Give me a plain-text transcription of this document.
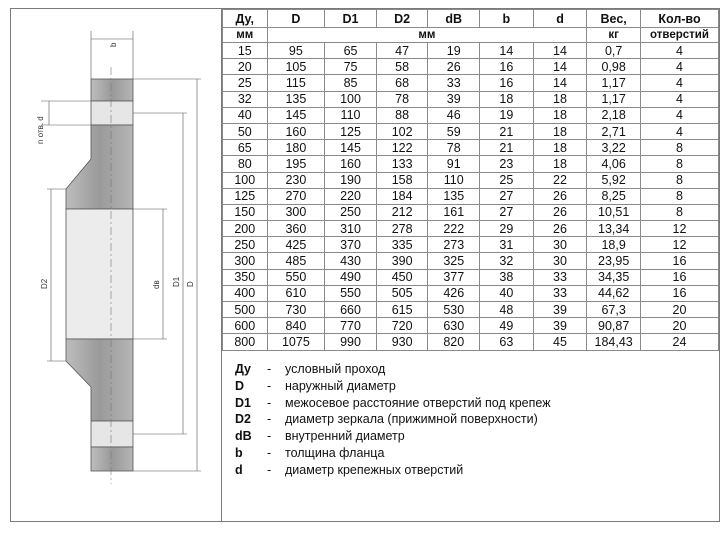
b
n отв. d
D2	dв D1 D
Ду,	D	D1	D2	dB	b	d	Вес,	Кол-во
мм	мм						кг	отверстий
15	95	65	47	19	14	14	0,7	4
20	105	75	58	26	16	14	0,98	4
25	115	85	68	33	16	14	1,17	4
32	135	100	78	39	18	18	1,17	4
40	145	110	88	46	19	18	2,18	4
50	160	125	102	59	21	18	2,71	4
65	180	145	122	78	21	18	3,22	8
80	195	160	133	91	23	18	4,06	8
100	230	190	158	110	25	22	5,92	8
125	270	220	184	135	27	26	8,25	8
150	300	250	212	161	27	26	10,51	8
200	360	310	278	222	29	26	13,34	12
250	425	370	335	273	31	30	18,9	12
300	485	430	390	325	32	30	23,95	16
350	550	490	450	377	38	33	34,35	16
400	610	550	505	426	40	33	44,62	16
500	730	660	615	530	48	39	67,3	20
600	840	770	720	630	49	39	90,87	20
800	1075	990	930	820	63	45	184,43	24
Ду - условный проход
D - наружный диаметр
D1 - межосевое расстояние отверстий под крепеж
D2 - диаметр зеркала (прижимной поверхности)
dB - внутренний диаметр
b - толщина фланца
d - диаметр крепежных отверстий
